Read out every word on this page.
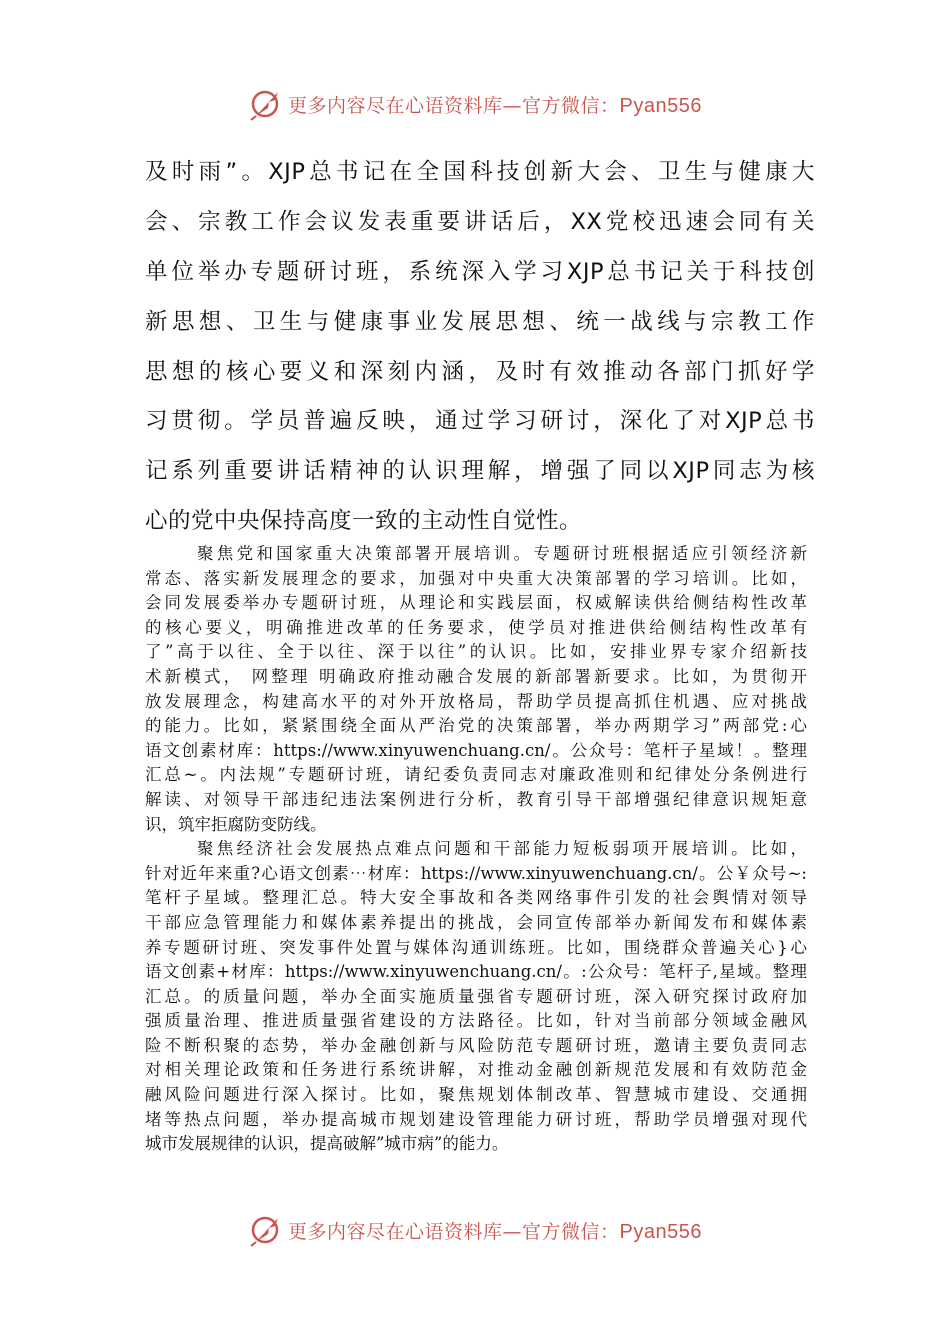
更多内容尽在心语资料库—官方微信：Pyan556
及时雨”。XJP总书记在全国科技创新大会、卫生与健康大
会、宗教工作会议发表重要讲话后，XX党校迅速会同有关
单位举办专题研讨班，系统深入学习XJP总书记关于科技创
新思想、卫生与健康事业发展思想、统一战线与宗教工作
思想的核心要义和深刻内涵，及时有效推动各部门抓好学
习贯彻。学员普遍反映，通过学习研讨，深化了对XJP总书
记系列重要讲话精神的认识理解，增强了同以XJP同志为核
心的党中央保持高度一致的主动性自觉性。
聚焦党和国家重大决策部署开展培训。专题研讨班根据适应引领经济新
常态、落实新发展理念的要求，加强对中央重大决策部署的学习培训。比如，
会同发展委举办专题研讨班，从理论和实践层面，权威解读供给侧结构性改革
的核心要义，明确推进改革的任务要求，使学员对推进供给侧结构性改革有
了”高于以往、全于以往、深于以往”的认识。比如，安排业界专家介绍新技
术新模式， 网整理 明确政府推动融合发展的新部署新要求。比如，为贯彻开
放发展理念，构建高水平的对外开放格局，帮助学员提高抓住机遇、应对挑战
的能力。比如，紧紧围绕全面从严治党的决策部署，举办两期学习”两部党:心
语文创素材库：https://www.xinyuwenchuang.cn/。公众号：笔杆子星域！。整理
汇总~。内法规”专题研讨班，请纪委负责同志对廉政准则和纪律处分条例进行
解读、对领导干部违纪违法案例进行分析，教育引导干部增强纪律意识规矩意
识，筑牢拒腐防变防线。
聚焦经济社会发展热点难点问题和干部能力短板弱项开展培训。比如，
针对近年来重?心语文创素⋯材库：https://www.xinyuwenchuang.cn/。公￥众号~:
笔杆子星域。整理汇总。特大安全事故和各类网络事件引发的社会舆情对领导
干部应急管理能力和媒体素养提出的挑战，会同宣传部举办新闻发布和媒体素
养专题研讨班、突发事件处置与媒体沟通训练班。比如，围绕群众普遍关心}心
语文创素+材库：https://www.xinyuwenchuang.cn/。:公众号：笔杆子,星域。整理
汇总。的质量问题，举办全面实施质量强省专题研讨班，深入研究探讨政府加
强质量治理、推进质量强省建设的方法路径。比如，针对当前部分领域金融风
险不断积聚的态势，举办金融创新与风险防范专题研讨班，邀请主要负责同志
对相关理论政策和任务进行系统讲解，对推动金融创新规范发展和有效防范金
融风险问题进行深入探讨。比如，聚焦规划体制改革、智慧城市建设、交通拥
堵等热点问题，举办提高城市规划建设管理能力研讨班，帮助学员增强对现代
城市发展规律的认识，提高破解”城市病”的能力。
更多内容尽在心语资料库—官方微信：Pyan556
